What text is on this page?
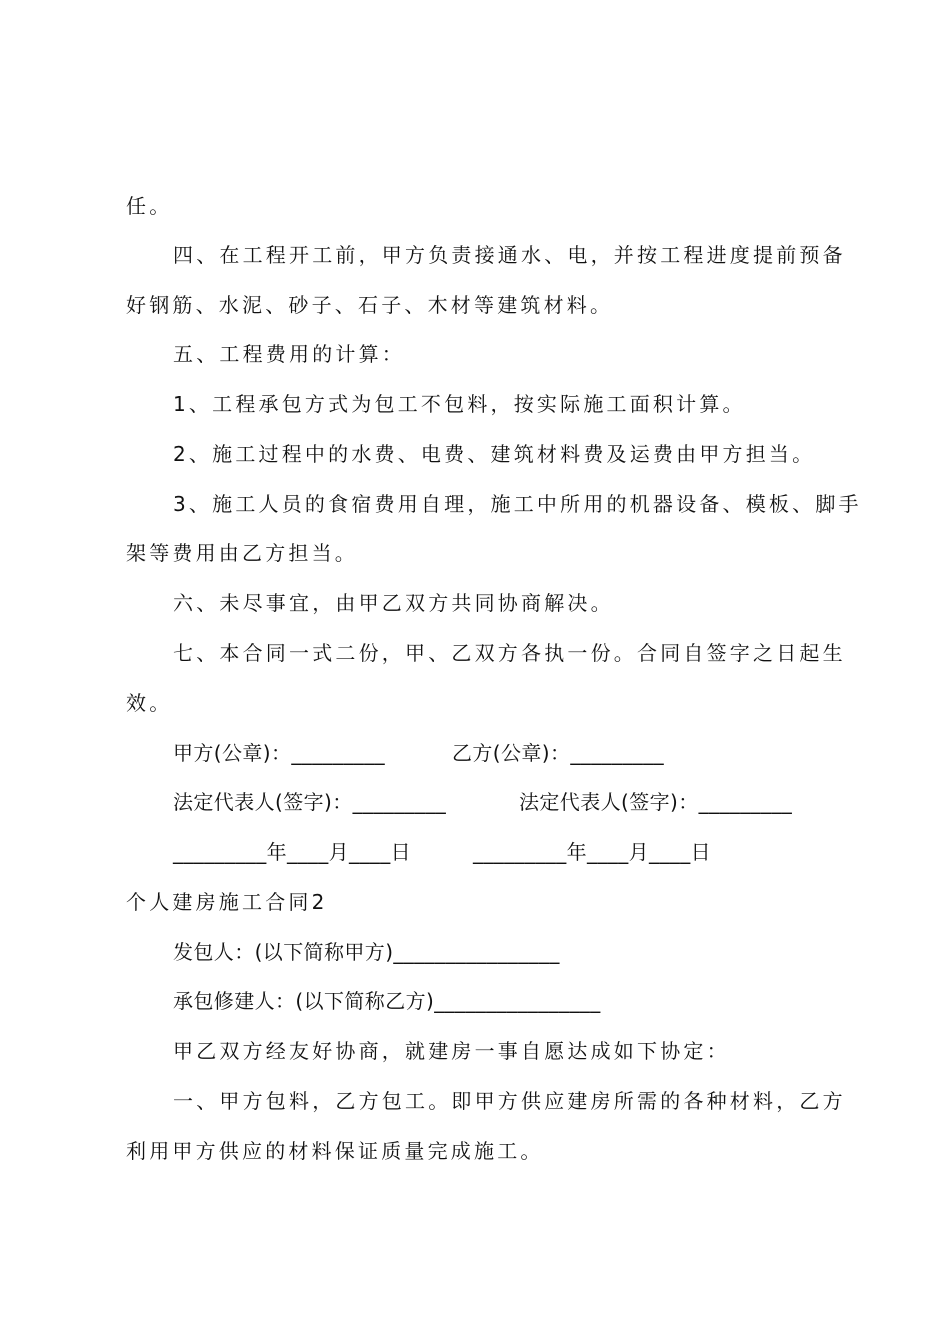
任。
四、在工程开工前，甲方负责接通水、电，并按工程进度提前预备
好钢筋、水泥、砂子、石子、木材等建筑材料。
五、工程费用的计算：
1、工程承包方式为包工不包料，按实际施工面积计算。
2、施工过程中的水费、电费、建筑材料费及运费由甲方担当。
3、施工人员的食宿费用自理，施工中所用的机器设备、模板、脚手
架等费用由乙方担当。
六、未尽事宜，由甲乙双方共同协商解决。
七、本合同一式二份，甲、乙双方各执一份。合同自签字之日起生
效。
甲方(公章)：_________	乙方(公章)：_________
法定代表人(签字)：_________	法定代表人(签字)：_________
_________年____月____日	_________年____月____日
个人建房施工合同2
发包人：(以下简称甲方)________________
承包修建人：(以下简称乙方)________________
甲乙双方经友好协商，就建房一事自愿达成如下协定：
一、甲方包料，乙方包工。即甲方供应建房所需的各种材料，乙方
利用甲方供应的材料保证质量完成施工。
